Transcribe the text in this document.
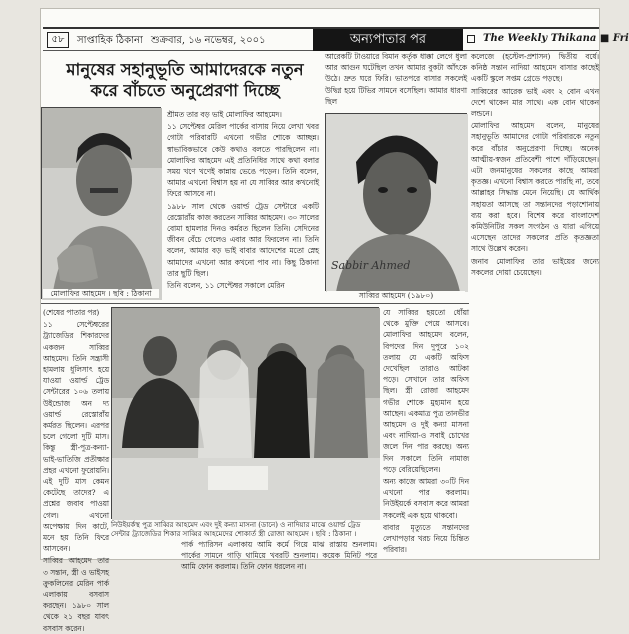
৫৮	সাপ্তাহিক ঠিকানা শুক্রবার, ১৬ নভেম্বর, ২০০১	অন্যপাতার পর	The Weekly Thikana ■ Fri
মানুষের সহানুভূতি আমাদেরকে নতুন করে বাঁচতে অনুপ্রেরণা দিচ্ছে
মোলাফির আহমেদ । ছবি : ঠিকানা

শ্রীমত তার বড় ভাই মোলাফির আহমেদ।

১১ সেপ্টেম্বর মেরিল পার্কের বাসায় নিয়ে লেখা খবর গোটা পরিবারটি এখনো গভীর শোকে আচ্ছন্ন। স্বাভাবিকভাবে কেউ কথাও বলতে পারছিলেন না। মোলাফির আহমেদ এই প্রতিনিধির সাথে কথা বলার সময় খণে খণেই কান্নায় ভেঙে পড়েন। তিনি বলেন, আমার এখনো বিশ্বাস হয় না যে সাব্বির আর কখনোই ফিরে আসবে না।

১৯৮৮ সাল থেকে ওয়ার্ল্ড ট্রেড সেন্টারে একটি রেস্তোরাঁয় কাজ করতেন সাব্বির আহমেদ। ৩০ সালের বোমা হামলার দিনও কর্মরত ছিলেন তিনি। সেদিনের জীবন বেঁচে গেলেও এবার আর ফিরলেন না। তিনি বলেন, আমার বড় ভাই বাবার আদেশের মতো স্নেহ আমাদের এখনো আর কখনো পাব না। কিছু ঠিকানা তার ছুটি ছিল।

তিনি বলেন, ১১ সেপ্টেম্বর সকালে মেরিন

আরেকটি টাওয়ারে বিমান কর্তৃক ধাক্কা লেগে ধুলা আর আগুন ঘটেছিল তখন আমার বুকটা আঁৎকে উঠে। দ্রুত ঘরে ফিরি। ভাতপরে বাসার সকলেই উদ্বিগ্ন হয়ে টিভির সামনে বসেছিল। আমার ধারণা ছিল
Sabbir Ahmed
সাব্বির আহমেদ (১৯৮০)

কলেজে (হস্টেল-প্রশাসন) দ্বিতীয় বর্ষে। কনিষ্ঠ সন্তান নাদিয়া আহমেদ বাসার কাছেই একটি স্কুলে সপ্তম গ্রেডে পড়ছে।

সাব্বিরের আরেক ভাই এবং ২ বোন এখন দেশে থাকেন মার সাথে। এক বোন থাকেন লন্ডনে।

মোলাফির আহমেদ বলেন, মানুষের সহানুভূতি আমাদের গোটা পরিবারকে নতুন করে বাঁচার অনুপ্রেরণা দিচ্ছে। অনেক আত্মীয়-স্বজন প্রতিবেশী পাশে দাঁড়িয়েছেন। এটা জনমানুষের সকলের কাছে আমরা কৃতজ্ঞ। এখনো বিশ্বাস করতে পারছি না, তবে আল্লাহর সিদ্ধান্ত মেনে নিয়েছি। যে আর্থিক সহায়তা আসছে তা সন্তানদের পড়াশোনায় ব্যয় করা হবে। বিশেষ করে বাংলাদেশ কমিউনিটির সকল সংগঠন ও যারা এগিয়ে এসেছেন তাদের সকলের প্রতি কৃতজ্ঞতা সাথে উল্লেখ করেন।

জনাব মোলাফির তার ভাইয়ের জন্যে সকলের দোয়া চেয়েছেন।

(শেষের পাতার পর)

১১ সেপ্টেম্বরের ট্র্যাজেডির শিকারদের একজন সাব্বির আহমেদ। তিনি সন্ত্রাসী হামলায় ধুলিসাৎ হয়ে যাওয়া ওয়ার্ল্ড ট্রেড সেন্টারের ১০৬ তলায় উইন্ডোজ অন দ্য ওয়ার্ল্ড রেস্তোরাঁয় কর্মরত ছিলেন। এরপর চলে গেলো দুটি মাস। কিন্তু স্ত্রী-পুত্র-কন্যা-ভাই-ভাতিজি প্রতীক্ষার প্রহর এখনো ফুরোয়নি। এই দুটি মাস কেমন কেটেছে তাদের? এ প্রশ্নের জবাব পাওয়া গেল। এখনো অপেক্ষায় দিন কাটে, মনে হয় তিনি ফিরে আসবেন।

সাব্বির আহমেদ তার ৩ সন্তান, স্ত্রী ও ভাইসহ ক্রুকলিনের মেরিন পার্ক এলাকায় বসবাস করছেন। ১৯৮০ সাল থেকে ২১ বছর যাবৎ বসবাস করেন।

নিউইয়র্কস্থ পুত্র সাব্বির আহমেদ এবং দুই কন্যা মাসনা (ডানে) ও নাদিয়ার মাঝে ওয়ার্ল্ড ট্রেড সেন্টার ট্র্যাজেডির শিকার সাব্বির আহমেদের শোকার্ত স্ত্রী রোজা আহমেদ । ছবি : ঠিকানা ।
পার্ক প্যারিসন এলাকায় আমি কর্মে গিয়ে মাঝ রাস্তায় শুনলাম। পার্কের সামনে গাড়ি থামিয়ে খবরটি শুনলাম। কয়েক মিনিট পরে আমি ফোন করলাম। তিনি ফোন ধরলেন না।

যে সাব্বির হয়তো ধোঁয়া থেকে মুক্তি পেয়ে আসবে। মোলাফির আহমেদ বলেন, বিপদের দিন দুপুরে ১০২ তলায় যে একটি অফিস দেখেছিল তারাও আটকা পড়ে। সেখানে তার অফিস ছিল। স্ত্রী রোজা আহমেদ গভীর শোকে মুহ্যমান হয়ে আছেন। একমাত্র পুত্র তানভীর আহমেদ ও দুই কন্যা মাসনা এবং নাদিয়া-ও সবাই চোখের জলে দিন পার করছে। অন্য দিন সকালে তিনি নামাজ পড়ে বেরিয়েছিলেন।

অন্য কাজে আমরা ৩০টি দিন এখনো পার করলাম। নিউইয়র্কে বসবাস করে আমরা সকলেই এক হয়ে থাকবো।

বাবার মৃত্যুতে সন্তানদের লেখাপড়ার খরচ নিয়ে চিন্তিত পরিবার।
